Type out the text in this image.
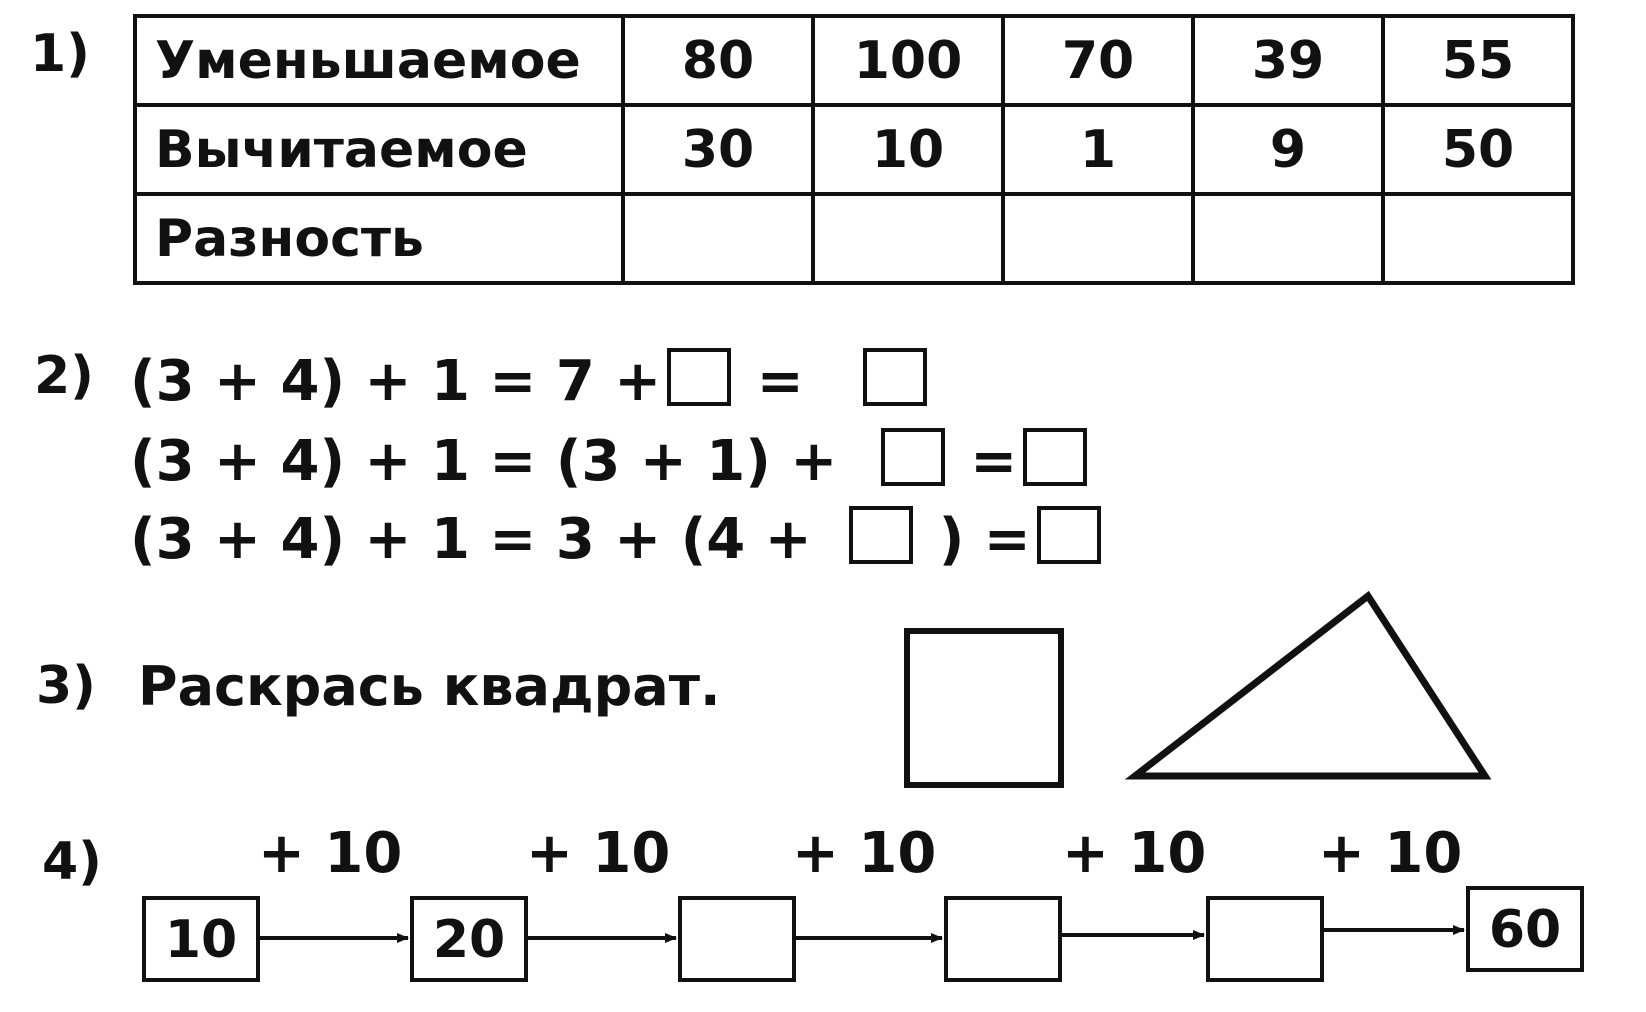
1) Уменьшаемое	80	100	70	39	55
Вычитаемое	30	10	1	9	50
Разность					
2) (3 + 4) + 1 = 7 + =
(3 + 4) + 1 = (3 + 1) + =
(3 + 4) + 1 = 3 + (4 + ) =
3) Раскрась квадрат.
4)	+ 10 + 10 + 10 + 10 + 10
10	20	60
